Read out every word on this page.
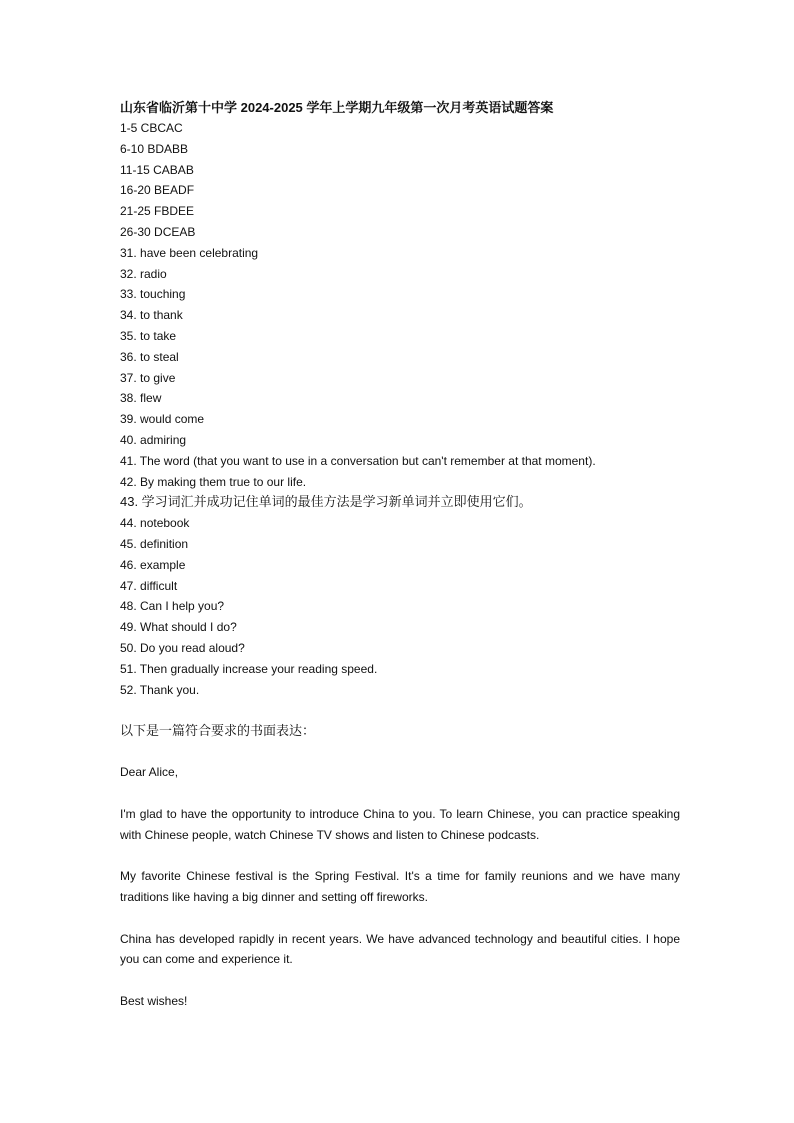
山东省临沂第十中学 2024-2025 学年上学期九年级第一次月考英语试题答案
1-5 CBCAC
6-10 BDABB
11-15 CABAB
16-20 BEADF
21-25 FBDEE
26-30 DCEAB
31. have been celebrating
32. radio
33. touching
34. to thank
35. to take
36. to steal
37. to give
38. flew
39. would come
40. admiring
41. The word (that you want to use in a conversation but can't remember at that moment).
42. By making them true to our life.
43. 学习词汇并成功记住单词的最佳方法是学习新单词并立即使用它们。
44. notebook
45. definition
46. example
47. difficult
48. Can I help you?
49. What should I do?
50. Do you read aloud?
51. Then gradually increase your reading speed.
52. Thank you.

以下是一篇符合要求的书面表达：

Dear Alice,

I'm glad to have the opportunity to introduce China to you. To learn Chinese, you can practice speaking with Chinese people, watch Chinese TV shows and listen to Chinese podcasts.

My favorite Chinese festival is the Spring Festival. It's a time for family reunions and we have many traditions like having a big dinner and setting off fireworks.

China has developed rapidly in recent years. We have advanced technology and beautiful cities. I hope you can come and experience it.

Best wishes!
